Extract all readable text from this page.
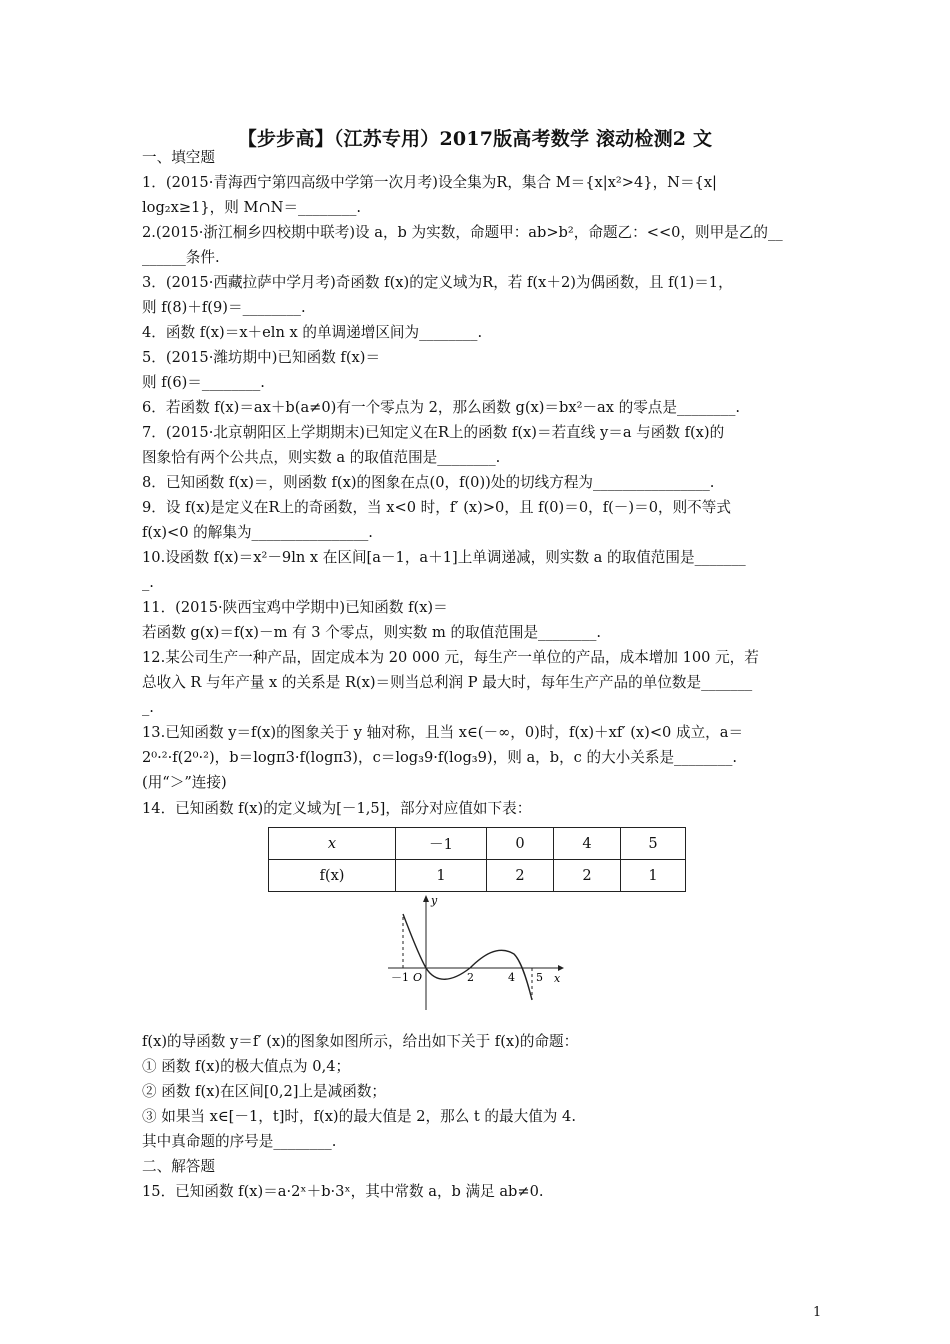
【步步高】（江苏专用）2017版高考数学 滚动检测2 文
一、填空题
1．(2015·青海西宁第四高级中学第一次月考)设全集为R，集合 M＝{x|x²>4}，N＝{x|
log₂x≥1}，则 M∩N＝________.
2.(2015·浙江桐乡四校期中联考)设 a，b 为实数，命题甲：ab>b²，命题乙：<<0，则甲是乙的__
______条件.
3．(2015·西藏拉萨中学月考)奇函数 f(x)的定义域为R，若 f(x＋2)为偶函数，且 f(1)＝1，
则 f(8)＋f(9)＝________.
4．函数 f(x)＝x＋eln x 的单调递增区间为________.
5．(2015·潍坊期中)已知函数 f(x)＝
则 f(6)＝________.
6．若函数 f(x)＝ax＋b(a≠0)有一个零点为 2，那么函数 g(x)＝bx²－ax 的零点是________.
7．(2015·北京朝阳区上学期期末)已知定义在R上的函数 f(x)＝若直线 y＝a 与函数 f(x)的
图象恰有两个公共点，则实数 a 的取值范围是________.
8．已知函数 f(x)＝，则函数 f(x)的图象在点(0，f(0))处的切线方程为________________.
9．设 f(x)是定义在R上的奇函数，当 x<0 时，f′ (x)>0，且 f(0)＝0，f(－)＝0，则不等式
f(x)<0 的解集为________________.
10.设函数 f(x)＝x²－9ln x 在区间[a－1，a＋1]上单调递减，则实数 a 的取值范围是_______
_.
11．(2015·陕西宝鸡中学期中)已知函数 f(x)＝
若函数 g(x)＝f(x)－m 有 3 个零点，则实数 m 的取值范围是________.
12.某公司生产一种产品，固定成本为 20 000 元，每生产一单位的产品，成本增加 100 元，若
总收入 R 与年产量 x 的关系是 R(x)＝则当总利润 P 最大时，每年生产产品的单位数是_______
_.
13.已知函数 y＝f(x)的图象关于 y 轴对称，且当 x∈(－∞，0)时，f(x)＋xf′ (x)<0 成立，a＝
2⁰·²·f(2⁰·²)，b＝logπ3·f(logπ3)，c＝log₃9·f(log₃9)，则 a，b，c 的大小关系是________.
(用“＞”连接)
14．已知函数 f(x)的定义域为[－1,5]，部分对应值如下表：
x	－1	0	4	5
f(x)	1	2	2	1
y
x
O
－1	2	4 5
f(x)的导函数 y＝f′ (x)的图象如图所示，给出如下关于 f(x)的命题：
① 函数 f(x)的极大值点为 0,4；
② 函数 f(x)在区间[0,2]上是减函数；
③ 如果当 x∈[－1，t]时，f(x)的最大值是 2，那么 t 的最大值为 4.
其中真命题的序号是________.
二、解答题
15．已知函数 f(x)＝a·2ˣ＋b·3ˣ，其中常数 a，b 满足 ab≠0.
1
